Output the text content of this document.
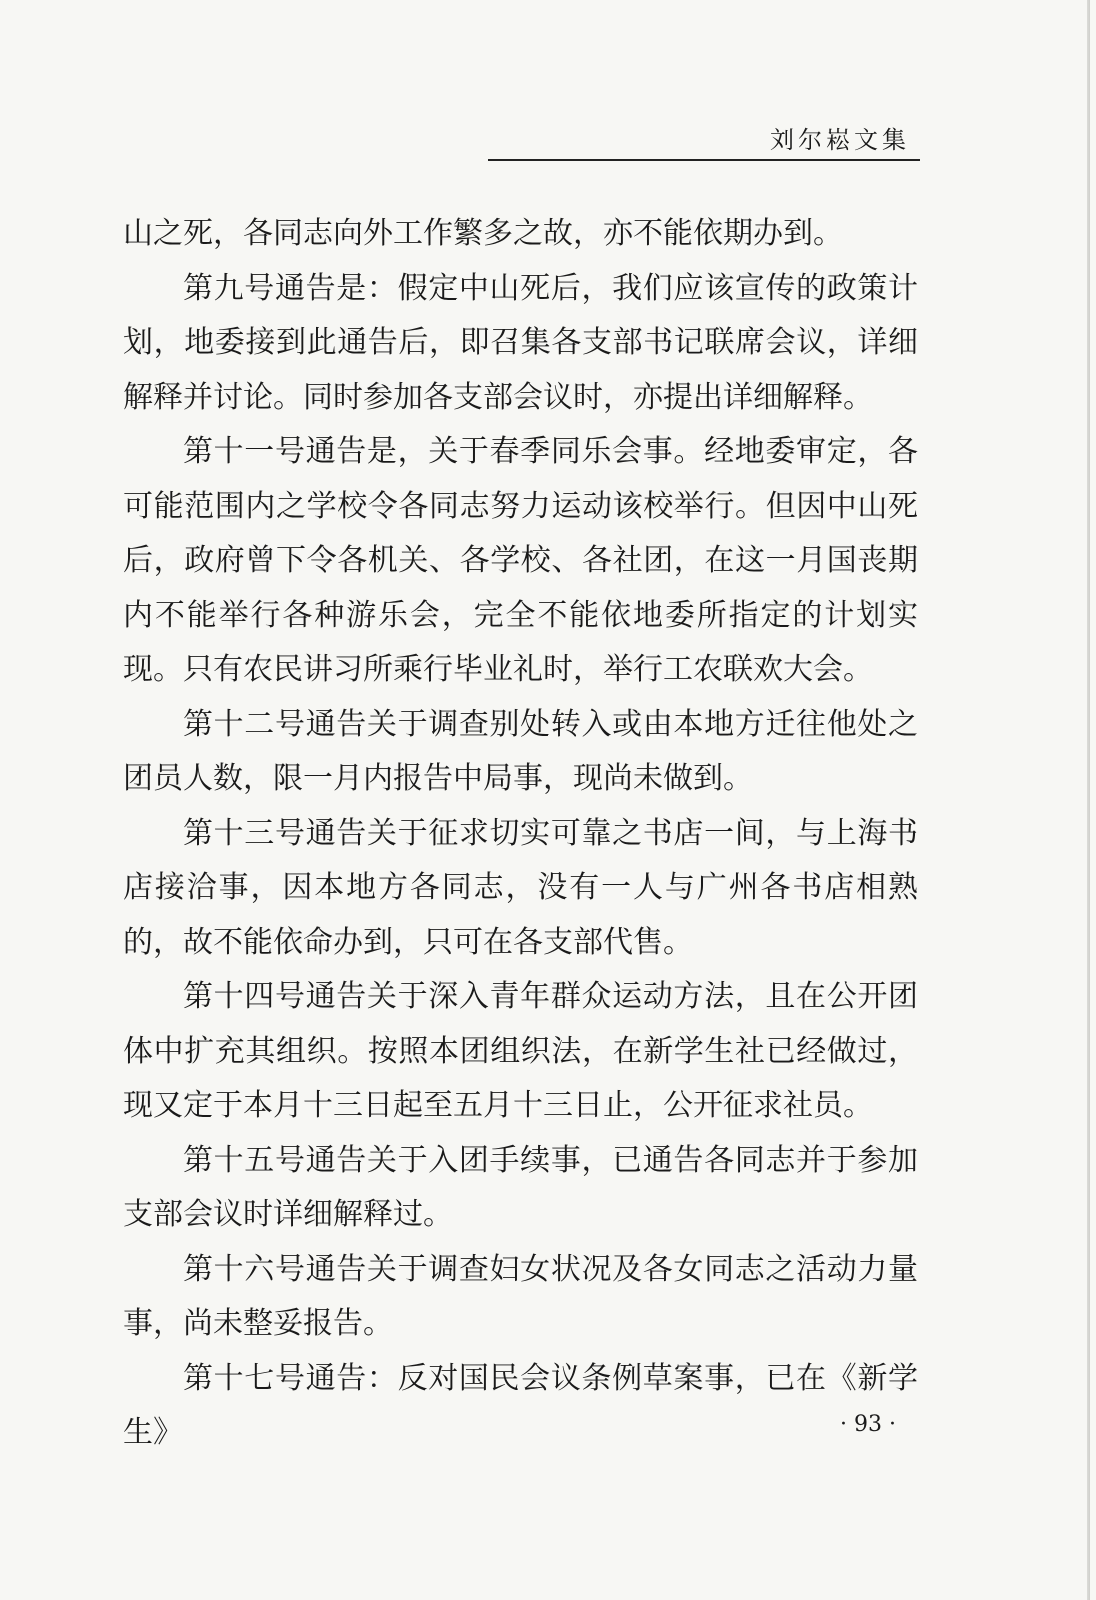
刘尔崧文集

山之死，各同志向外工作繁多之故，亦不能依期办到。

第九号通告是：假定中山死后，我们应该宣传的政策计划，地委接到此通告后，即召集各支部书记联席会议，详细解释并讨论。同时参加各支部会议时，亦提出详细解释。

第十一号通告是，关于春季同乐会事。经地委审定，各可能范围内之学校令各同志努力运动该校举行。但因中山死后，政府曾下令各机关、各学校、各社团，在这一月国丧期内不能举行各种游乐会，完全不能依地委所指定的计划实现。只有农民讲习所乘行毕业礼时，举行工农联欢大会。

第十二号通告关于调查别处转入或由本地方迁往他处之团员人数，限一月内报告中局事，现尚未做到。

第十三号通告关于征求切实可靠之书店一间，与上海书店接洽事，因本地方各同志，没有一人与广州各书店相熟的，故不能依命办到，只可在各支部代售。

第十四号通告关于深入青年群众运动方法，且在公开团体中扩充其组织。按照本团组织法，在新学生社已经做过，现又定于本月十三日起至五月十三日止，公开征求社员。

第十五号通告关于入团手续事，已通告各同志并于参加支部会议时详细解释过。

第十六号通告关于调查妇女状况及各女同志之活动力量事，尚未整妥报告。

第十七号通告：反对国民会议条例草案事，已在《新学生》	· 93 ·
